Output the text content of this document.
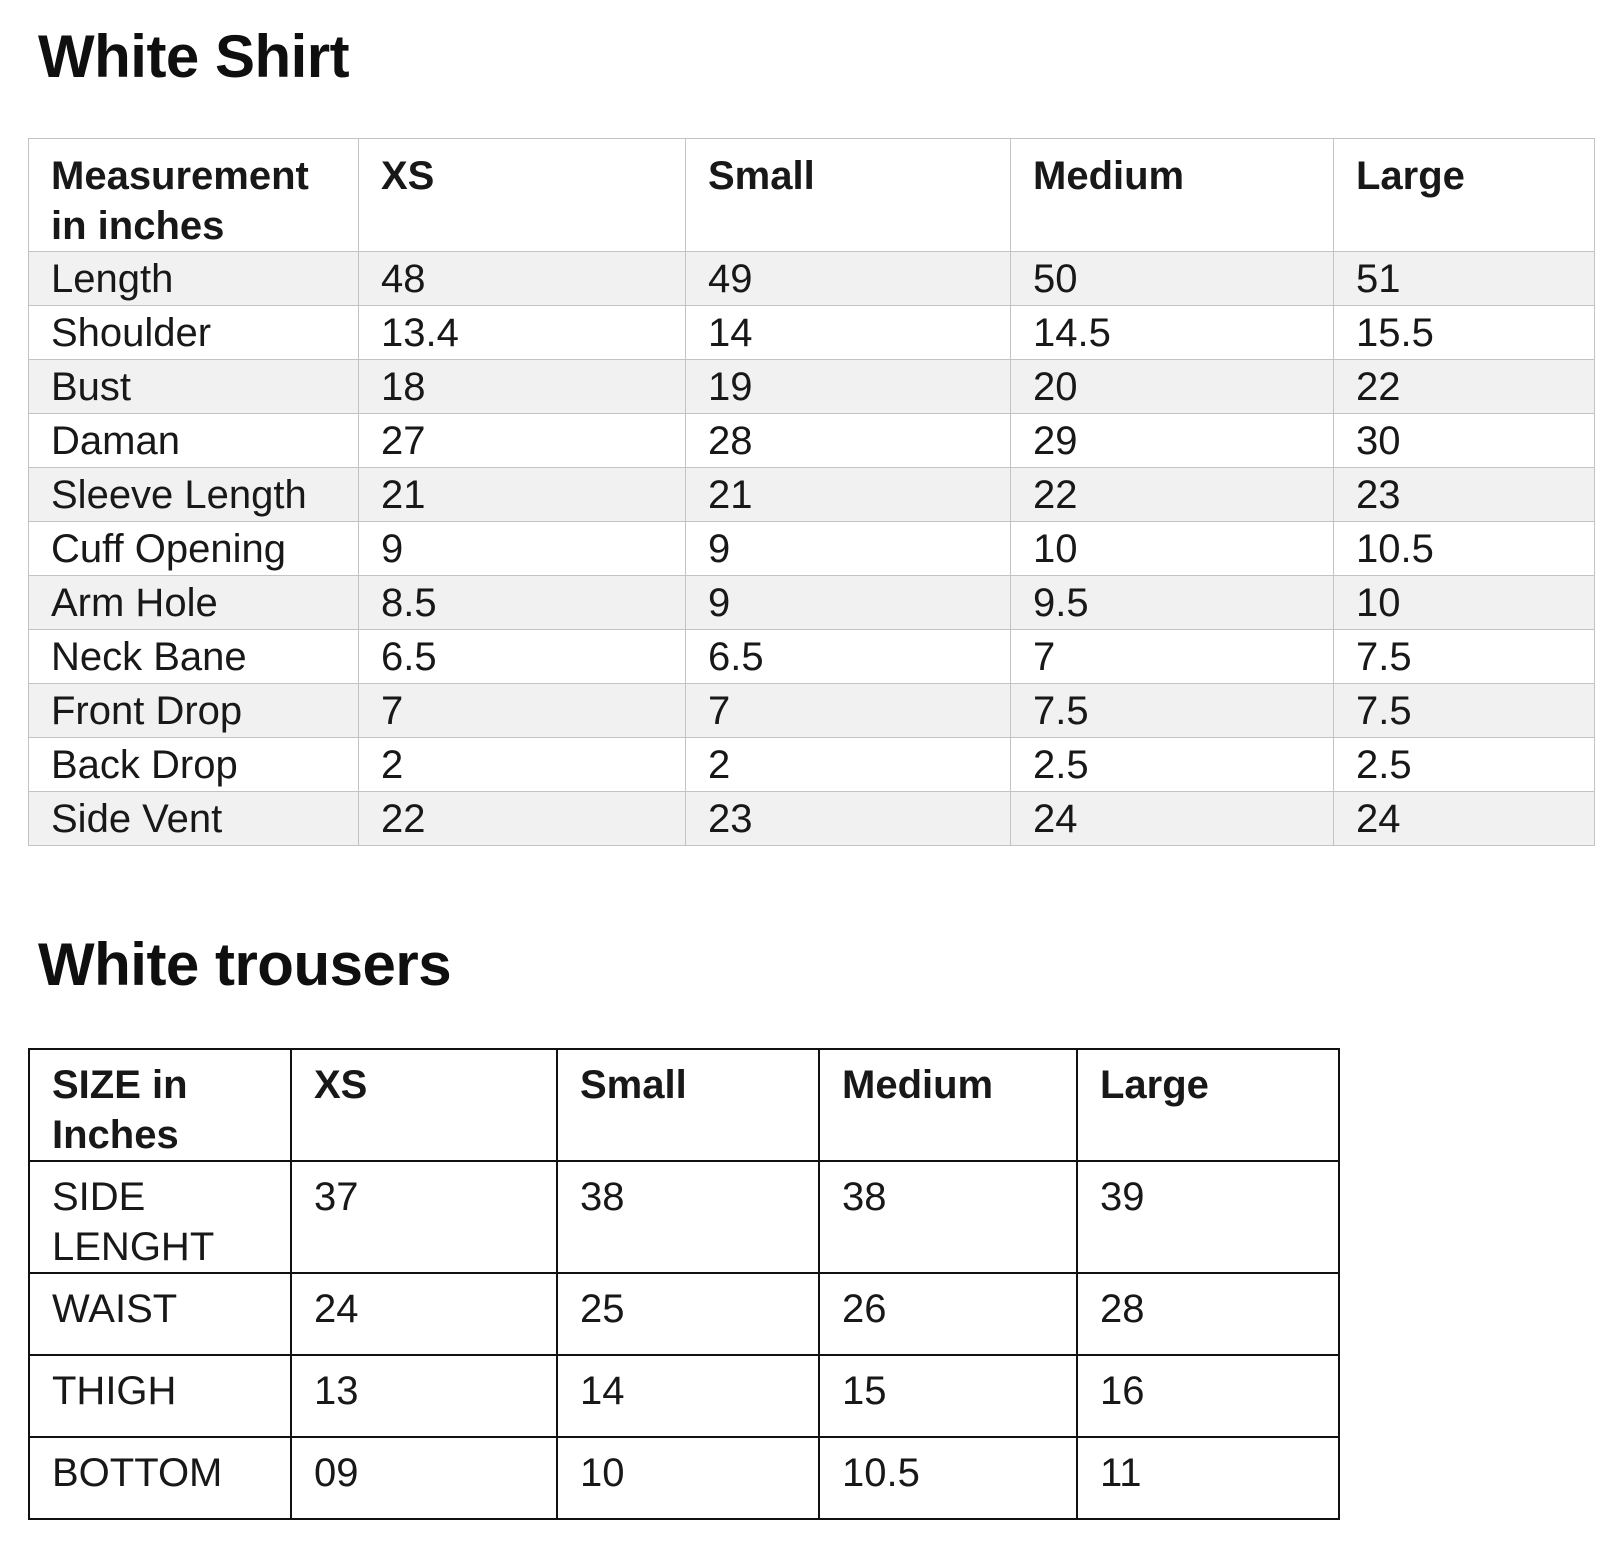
White Shirt
Measurement in inches	XS	Small	Medium	Large
Length	48	49	50	51
Shoulder	13.4	14	14.5	15.5
Bust	18	19	20	22
Daman	27	28	29	30
Sleeve Length	21	21	22	23
Cuff Opening	9	9	10	10.5
Arm Hole	8.5	9	9.5	10
Neck Bane	6.5	6.5	7	7.5
Front Drop	7	7	7.5	7.5
Back Drop	2	2	2.5	2.5
Side Vent	22	23	24	24
White trousers
SIZE in Inches	XS	Small	Medium	Large
SIDE LENGHT	37	38	38	39
WAIST	24	25	26	28
THIGH	13	14	15	16
BOTTOM	09	10	10.5	11
